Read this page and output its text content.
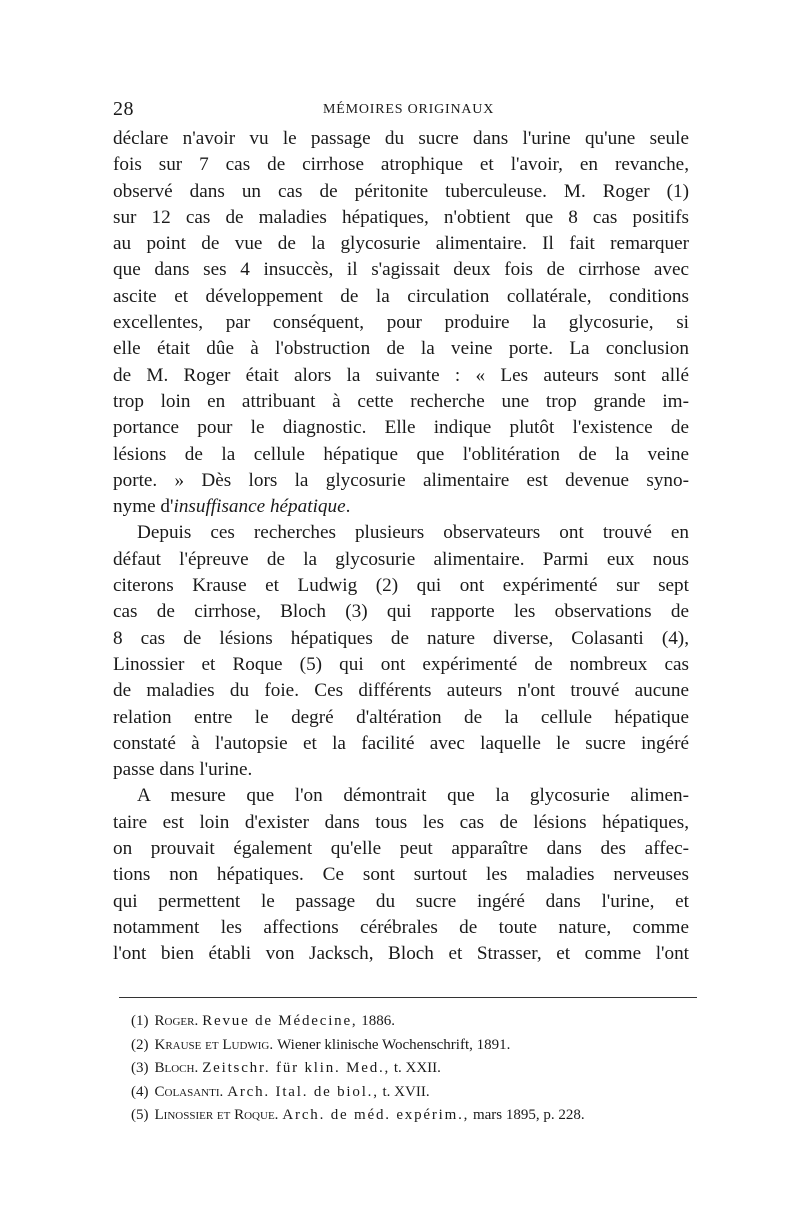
28	MÉMOIRES ORIGINAUX
déclare n'avoir vu le passage du sucre dans l'urine qu'une seule
fois sur 7 cas de cirrhose atrophique et l'avoir, en revanche,
observé dans un cas de péritonite tuberculeuse. M. Roger (1)
sur 12 cas de maladies hépatiques, n'obtient que 8 cas positifs
au point de vue de la glycosurie alimentaire. Il fait remarquer
que dans ses 4 insuccès, il s'agissait deux fois de cirrhose avec
ascite et développement de la circulation collatérale, conditions
excellentes, par conséquent, pour produire la glycosurie, si
elle était dûe à l'obstruction de la veine porte. La conclusion
de M. Roger était alors la suivante : « Les auteurs sont allé
trop loin en attribuant à cette recherche une trop grande im-
portance pour le diagnostic. Elle indique plutôt l'existence de
lésions de la cellule hépatique que l'oblitération de la veine
porte. » Dès lors la glycosurie alimentaire est devenue syno-
nyme d'insuffisance hépatique.
Depuis ces recherches plusieurs observateurs ont trouvé en
défaut l'épreuve de la glycosurie alimentaire. Parmi eux nous
citerons Krause et Ludwig (2) qui ont expérimenté sur sept
cas de cirrhose, Bloch (3) qui rapporte les observations de
8 cas de lésions hépatiques de nature diverse, Colasanti (4),
Linossier et Roque (5) qui ont expérimenté de nombreux cas
de maladies du foie. Ces différents auteurs n'ont trouvé aucune
relation entre le degré d'altération de la cellule hépatique
constaté à l'autopsie et la facilité avec laquelle le sucre ingéré
passe dans l'urine.
A mesure que l'on démontrait que la glycosurie alimen-
taire est loin d'exister dans tous les cas de lésions hépatiques,
on prouvait également qu'elle peut apparaître dans des affec-
tions non hépatiques. Ce sont surtout les maladies nerveuses
qui permettent le passage du sucre ingéré dans l'urine, et
notamment les affections cérébrales de toute nature, comme
l'ont bien établi von Jacksch, Bloch et Strasser, et comme l'ont
(1) Roger. Revue de Médecine, 1886.
(2) Krause et Ludwig. Wiener klinische Wochenschrift, 1891.
(3) Bloch. Zeitschr. für klin. Med., t. XXII.
(4) Colasanti. Arch. Ital. de biol., t. XVII.
(5) Linossier et Roque. Arch. de méd. expérim., mars 1895, p. 228.
